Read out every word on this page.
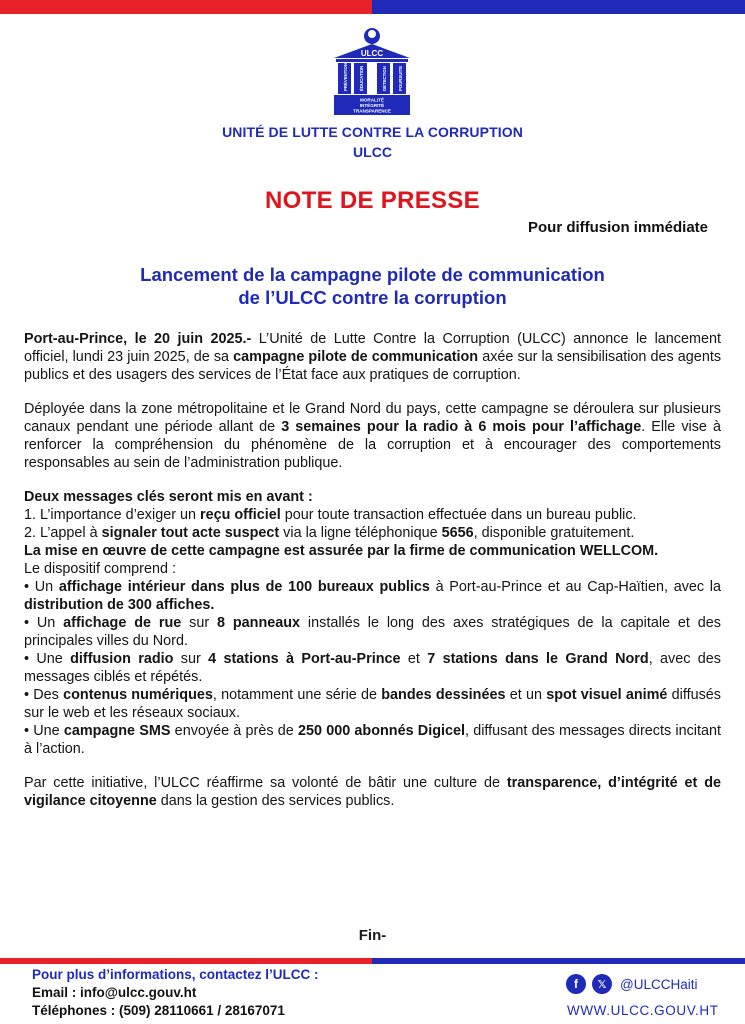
ULCC
PRÉVENTION	ÉDUCATION	DÉTECTION	POURSUITE
MORALITÉ
INTÉGRITÉ
TRANSPARENCE
UNITÉ DE LUTTE CONTRE LA CORRUPTION
ULCC
NOTE DE PRESSE
Pour diffusion immédiate
Lancement de la campagne pilote de communication
de l’ULCC contre la corruption

Port-au-Prince, le 20 juin 2025.- L’Unité de Lutte Contre la Corruption (ULCC) annonce le lancement officiel, lundi 23 juin 2025, de sa campagne pilote de communication axée sur la sensibilisation des agents publics et des usagers des services de l’État face aux pratiques de corruption.

Déployée dans la zone métropolitaine et le Grand Nord du pays, cette campagne se déroulera sur plusieurs canaux pendant une période allant de 3 semaines pour la radio à 6 mois pour l’affichage. Elle vise à renforcer la compréhension du phénomène de la corruption et à encourager des comportements responsables au sein de l’administration publique.

Deux messages clés seront mis en avant :

1. L’importance d’exiger un reçu officiel pour toute transaction effectuée dans un bureau public.

2. L’appel à signaler tout acte suspect via la ligne téléphonique 5656, disponible gratuitement.

La mise en œuvre de cette campagne est assurée par la firme de communication WELLCOM.

Le dispositif comprend :

• Un affichage intérieur dans plus de 100 bureaux publics à Port-au-Prince et au Cap-Haïtien, avec la distribution de 300 affiches.

• Un affichage de rue sur 8 panneaux installés le long des axes stratégiques de la capitale et des principales villes du Nord.

• Une diffusion radio sur 4 stations à Port-au-Prince et 7 stations dans le Grand Nord, avec des messages ciblés et répétés.

• Des contenus numériques, notamment une série de bandes dessinées et un spot visuel animé diffusés sur le web et les réseaux sociaux.

• Une campagne SMS envoyée à près de 250 000 abonnés Digicel, diffusant des messages directs incitant à l’action.

Par cette initiative, l’ULCC réaffirme sa volonté de bâtir une culture de transparence, d’intégrité et de vigilance citoyenne dans la gestion des services publics.

Fin-
Pour plus d’informations, contactez l’ULCC :
Email : info@ulcc.gouv.ht
Téléphones : (509) 28110661 / 28167071
f	𝕏	@ULCCHaiti
WWW.ULCC.GOUV.HT
